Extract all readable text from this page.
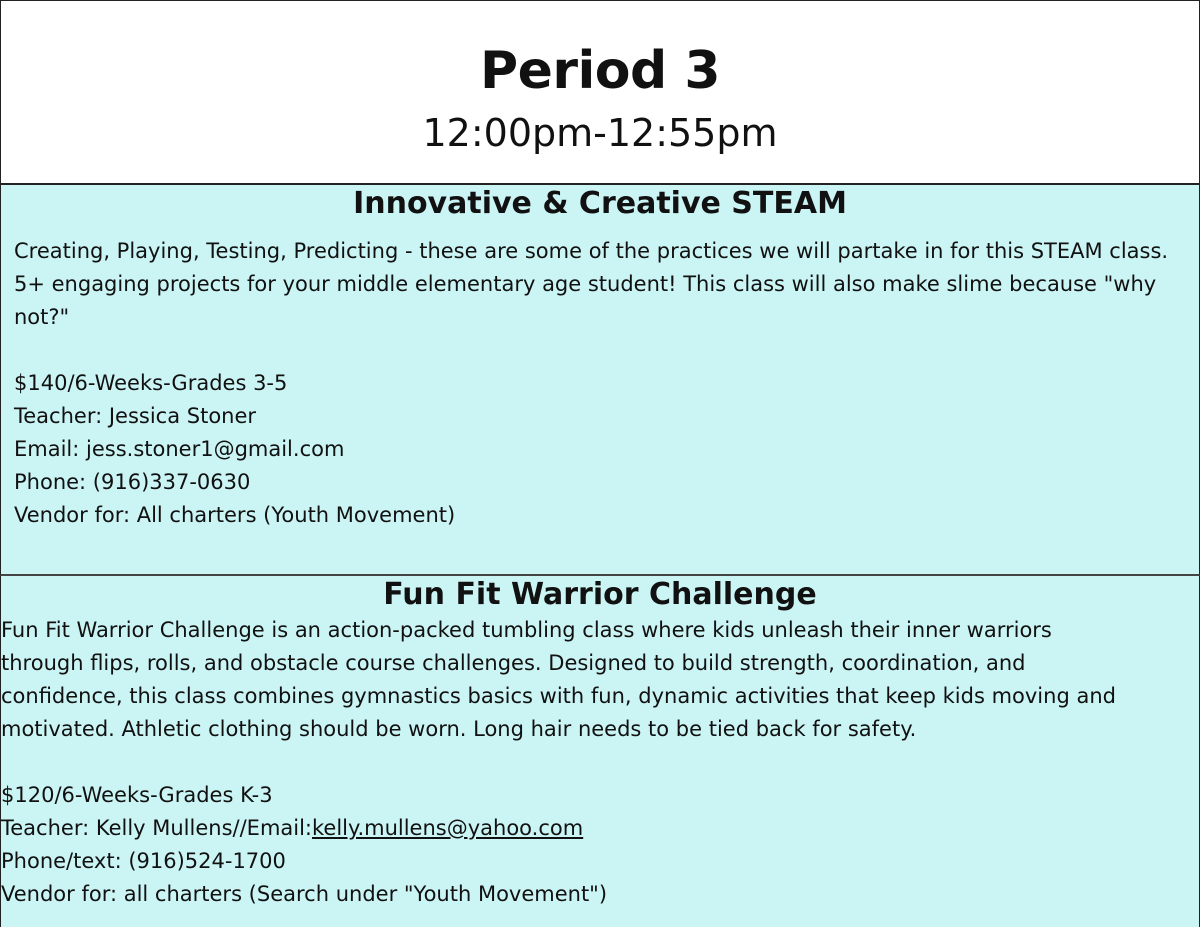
Period 3
12:00pm-12:55pm
Innovative & Creative STEAM

Creating, Playing, Testing, Predicting - these are some of the practices we will partake in for this STEAM class. 5+ engaging projects for your middle elementary age student! This class will also make slime because "why not?"

$140/6-Weeks-Grades 3-5

Teacher: Jessica Stoner

Email: jess.stoner1@gmail.com

Phone: (916)337-0630

Vendor for: All charters (Youth Movement)

Fun Fit Warrior Challenge

Fun Fit Warrior Challenge is an action-packed tumbling class where kids unleash their inner warriors through flips, rolls, and obstacle course challenges. Designed to build strength, coordination, and confidence, this class combines gymnastics basics with fun, dynamic activities that keep kids moving and motivated. Athletic clothing should be worn. Long hair needs to be tied back for safety.

$120/6-Weeks-Grades K-3

Teacher: Kelly Mullens//Email:kelly.mullens@yahoo.com

Phone/text: (916)524-1700

Vendor for: all charters (Search under "Youth Movement")
